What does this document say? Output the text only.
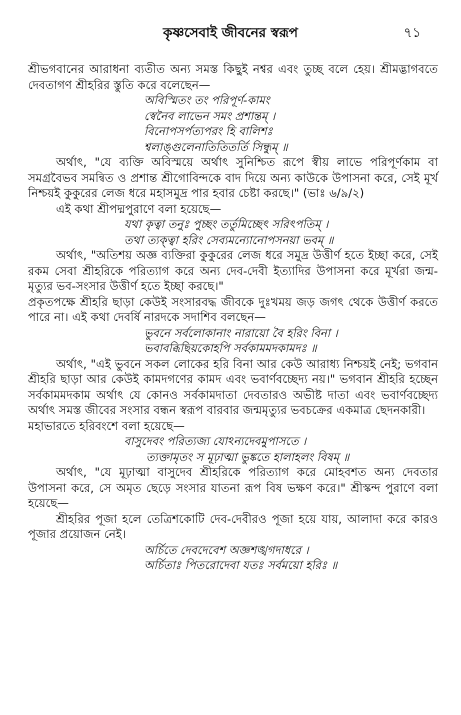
কৃষ্ণসেবাই জীবনের স্বরূপ	৭১

শ্রীভগবানের আরাধনা ব্যতীত অন্য সমস্ত কিছুই নশ্বর এবং তুচ্ছ বলে হেয়। শ্রীমদ্ভাগবতে দেবতাগণ শ্রীহরির স্তুতি করে বলেছেন—

অবিস্মিতং তং পরিপূর্ণ-কামং

স্বেনৈব লাভেন সমং প্রশান্তম্ ।

বিনোপসর্পত্যপরং হি বালিশঃ

শ্বলাঙ্গুলেনাতিতিতর্তি সিন্ধুম্ ॥

অর্থাৎ, "যে ব্যক্তি অবিস্ময়ে অর্থাৎ সুনিশ্চিত রূপে স্বীয় লাভে পরিপূর্ণকাম বা সমগ্রবৈভব সমন্বিত ও প্রশান্ত শ্রীগোবিন্দকে বাদ দিয়ে অন্য কাউকে উপাসনা করে, সেই মূর্খ নিশ্চয়ই কুকুরের লেজ ধরে মহাসমুদ্র পার হবার চেষ্টা করছে।" (ভাঃ ৬/৯/২)

এই কথা শ্রীপদ্মপুরাণে বলা হয়েছে—

যথা কৃত্বা তনুঃ পুচ্ছং তর্তুমিচ্ছেৎ সরিৎপতিম্ ।

তথা ত্যক্ত্বা হরিং সেব্যমন্যোনোপসনয়া ভবম্ ॥

অর্থাৎ, "অতিশয় অজ্ঞ ব্যক্তিরা কুকুরের লেজ ধরে সমুদ্র উত্তীর্ণ হতে ইচ্ছা করে, সেই রকম সেবা শ্রীহরিকে পরিত্যাগ করে অন্য দেব-দেবী ইত্যাদির উপাসনা করে মূর্খরা জন্ম-মৃত্যুর ভব-সংসার উত্তীর্ণ হতে ইচ্ছা করছে।"

প্রকৃতপক্ষে শ্রীহরি ছাড়া কেউই সংসারবদ্ধ জীবকে দুঃখময় জড় জগৎ থেকে উত্তীর্ণ করতে পারে না। এই কথা দেবর্ষি নারদকে সদাশিব বলছেন—

ভুবনে সর্বলোকানাং নারায়ো বৈ হরিং বিনা ।

ভবাবব্ধিছিয়কোহপি সর্বকামমদকামদঃ ॥

অর্থাৎ, "এই ভুবনে সকল লোকের হরি বিনা আর কেউ আরাধ্য নিশ্চয়ই নেই; ভগবান শ্রীহরি ছাড়া আর কেউই কামদগণের কামদ এবং ভবার্ণবচ্ছেদ্য নয়।" ভগবান শ্রীহরি হচ্ছেন সর্বকামমদকাম অর্থাৎ যে কোনও সর্বকামদাতা দেবতারও অভীষ্ট দাতা এবং ভবার্ণবচ্ছেদ্য অর্থাৎ সমস্ত জীবের সংসার বন্ধন স্বরূপ বারবার জন্মমৃত্যুর ভবচক্রের একমাত্র ছেদনকারী।

মহাভারতে হরিবংশে বলা হয়েছে—

বাসুদেবং পরিত্যজ্য যোঽন্যদেবমুপাসতে ।

ত্যক্তামৃতং স মূঢ়াত্মা ভুঙ্কতে হালাহলং বিষম্ ॥

অর্থাৎ, "যে মূঢ়াত্মা বাসুদেব শ্রীহরিকে পরিত্যাগ করে মোহবশত অন্য দেবতার উপাসনা করে, সে অমৃত ছেড়ে সংসার যাতনা রূপ বিষ ভক্ষণ করে।" শ্রীস্কন্দ পুরাণে বলা হয়েছে—

শ্রীহরির পূজা হলে তেত্রিশকোটি দেব-দেবীরও পূজা হয়ে যায়, আলাদা করে কারও পূজার প্রয়োজন নেই।

অর্চিতে দেবদেবেশ অজ্ঞশঙ্খগদাধরে ।

অর্চিতাঃ পিতরোদেবা যতঃ সর্বময়ো হরিঃ ॥
